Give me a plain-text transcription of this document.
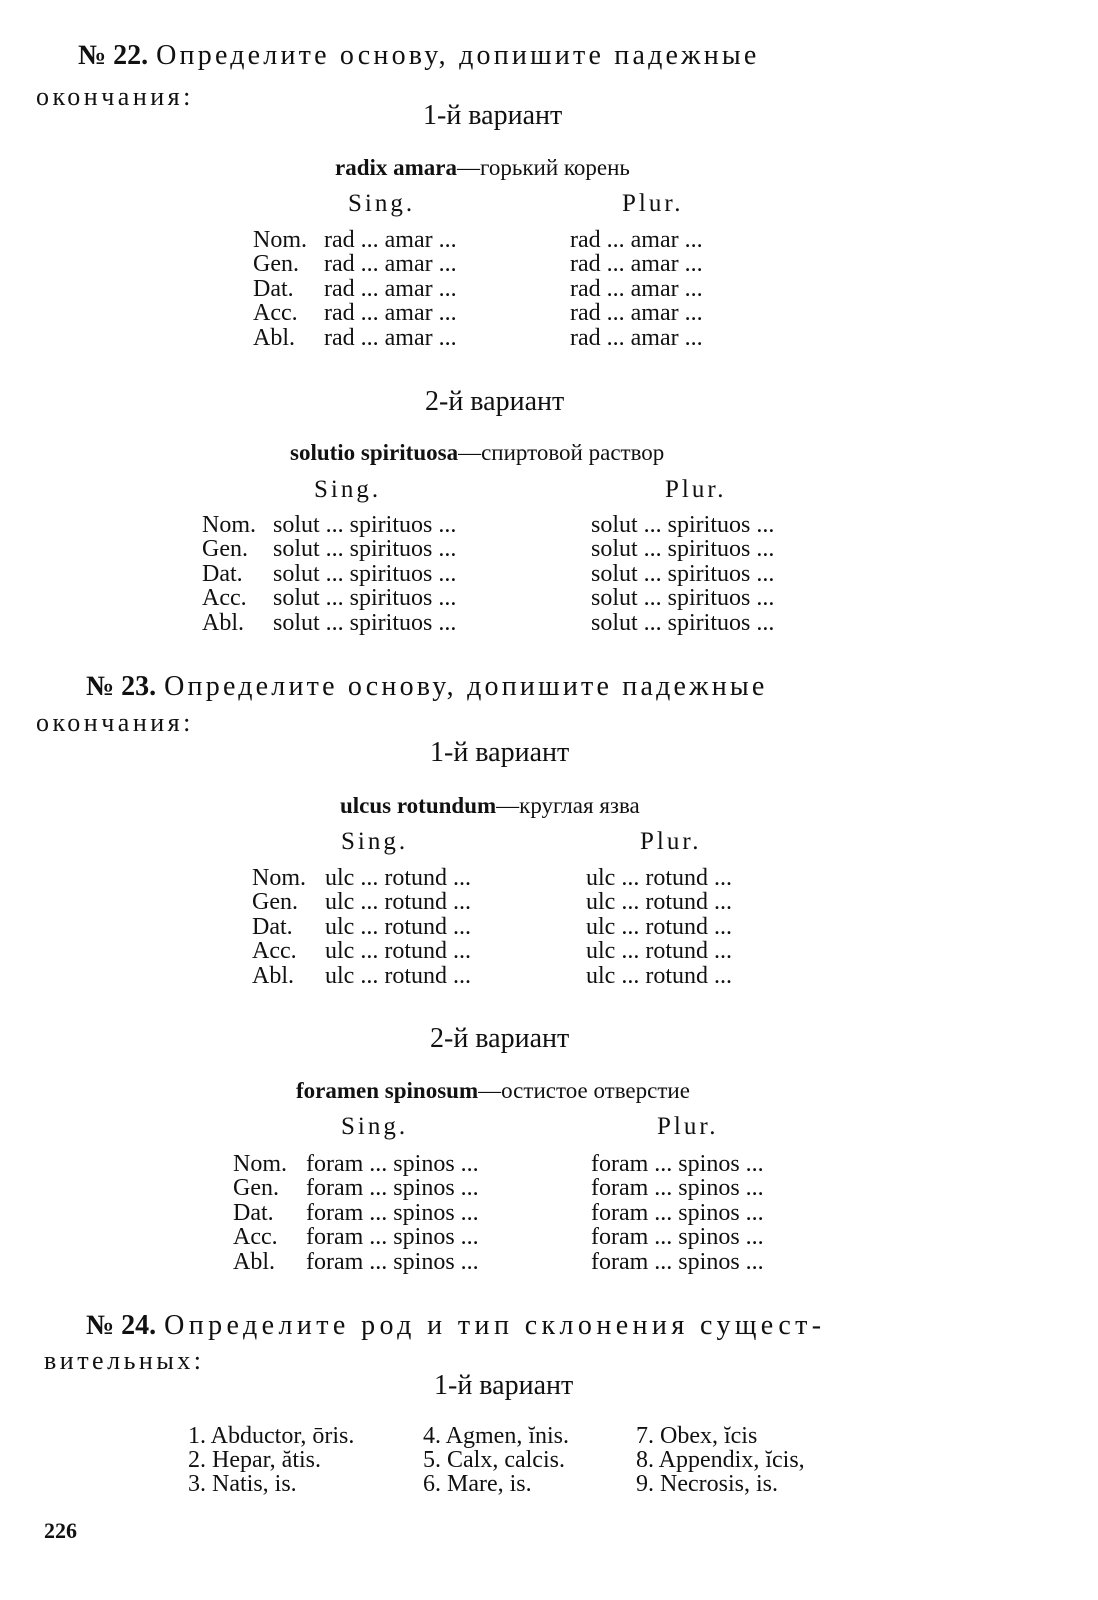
№ 22. Определите основу, допишите падежные
окончания:
1-й вариант
radix amara—горький корень
Sing.	Plur.
Nom. rad ... amar ...	rad ... amar ...
Gen.	rad ... amar ...	rad ... amar ...
Dat.	rad ... amar ...	rad ... amar ...
Acc.	rad ... amar ...	rad ... amar ...
Abl.	rad ... amar ...	rad ... amar ...
2-й вариант
solutio spirituosa—спиртовой раствор
Sing.	Plur.
Nom. solut ... spirituos ...	solut ... spirituos ...
Gen.	solut ... spirituos ...	solut ... spirituos ...
Dat.	solut ... spirituos ...	solut ... spirituos ...
Acc.	solut ... spirituos ...	solut ... spirituos ...
Abl.	solut ... spirituos ...	solut ... spirituos ...
№ 23. Определите основу, допишите падежные
окончания:
1-й вариант
ulcus rotundum—круглая язва
Sing.	Plur.
Nom. ulc ... rotund ...	ulc ... rotund ...
Gen.	ulc ... rotund ...	ulc ... rotund ...
Dat.	ulc ... rotund ...	ulc ... rotund ...
Acc.	ulc ... rotund ...	ulc ... rotund ...
Abl.	ulc ... rotund ...	ulc ... rotund ...
2-й вариант
foramen spinosum—остистое отверстие
Sing.	Plur.
Nom. foram ... spinos ...	foram ... spinos ...
Gen.	foram ... spinos ...	foram ... spinos ...
Dat.	foram ... spinos ...	foram ... spinos ...
Acc.	foram ... spinos ...	foram ... spinos ...
Abl.	foram ... spinos ...	foram ... spinos ...
№ 24. Определите род и тип склонения сущест-
вительных:
1-й вариант
1. Abductor, ōris.
2. Hepar, ătis.
3. Natis, is.
4. Agmen, ĭnis.
5. Calx, calcis.
6. Mare, is.
7. Obex, ĭcis
8. Appendix, ĭcis,
9. Necrosis, is.
226
